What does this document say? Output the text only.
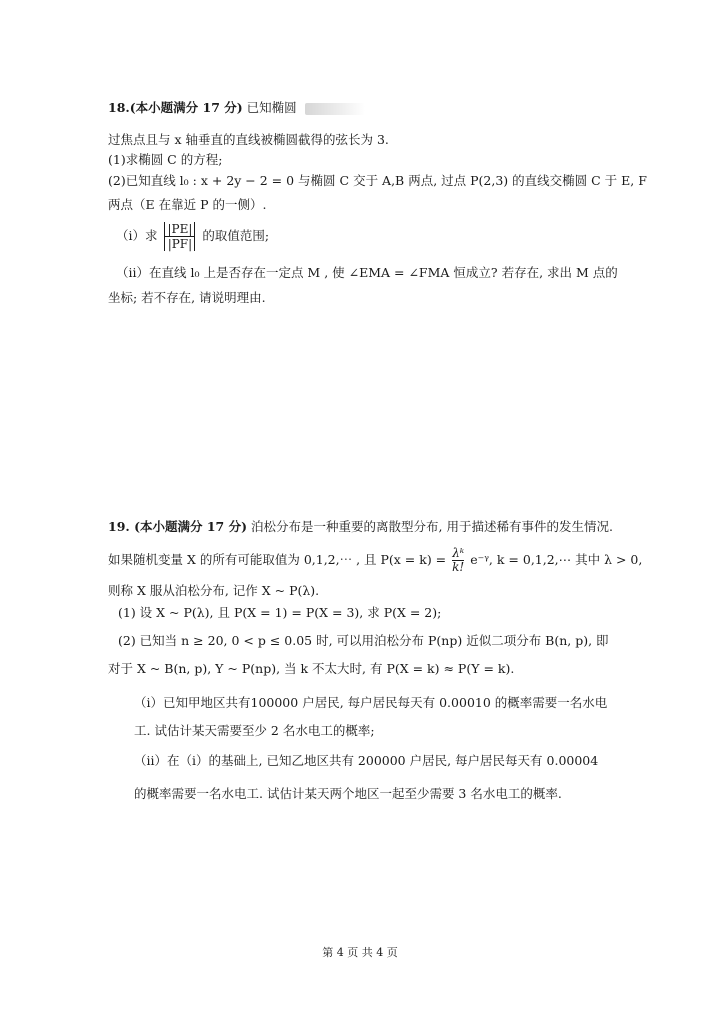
18.(本小题满分 17 分) 已知椭圆
过焦点且与 x 轴垂直的直线被椭圆截得的弦长为 3.
(1)求椭圆 C 的方程;
(2)已知直线 l₀ : x + 2y − 2 = 0 与椭圆 C 交于 A,B 两点, 过点 P(2,3) 的直线交椭圆 C 于 E, F
两点（E 在靠近 P 的一侧）.
（ⅰ）求 $\frac{|PE|}{|PF|}$ 的取值范围;
（ⅱ）在直线 l₀ 上是否存在一定点 M , 使 ∠EMA = ∠FMA 恒成立? 若存在, 求出 M 点的
坐标; 若不存在, 请说明理由.
19. (本小题满分 17 分) 泊松分布是一种重要的离散型分布, 用于描述稀有事件的发生情况.
如果随机变量 X 的所有可能取值为 0,1,2,⋯ , 且 $P(x = k) = \frac{\text{λᵏ}}{k!}$ e⁻ᵞ, k = 0,1,2,⋯ 其中 λ > 0,
则称 X 服从泊松分布, 记作 X ~ P(λ).
(1) 设 X ~ P(λ), 且 P(X = 1) = P(X = 3), 求 P(X = 2);
(2) 已知当 n ≥ 20, 0 < p ≤ 0.05 时, 可以用泊松分布 P(np) 近似二项分布 B(n, p), 即
对于 X ~ B(n, p), Y ~ P(np), 当 k 不太大时, 有 P(X = k) ≈ P(Y = k).
（ⅰ）已知甲地区共有100000 户居民, 每户居民每天有 0.00010 的概率需要一名水电
工. 试估计某天需要至少 2 名水电工的概率;
（ⅱ）在（ⅰ）的基础上, 已知乙地区共有 200000 户居民, 每户居民每天有 0.00004
的概率需要一名水电工. 试估计某天两个地区一起至少需要 3 名水电工的概率.
第 4 页 共 4 页
